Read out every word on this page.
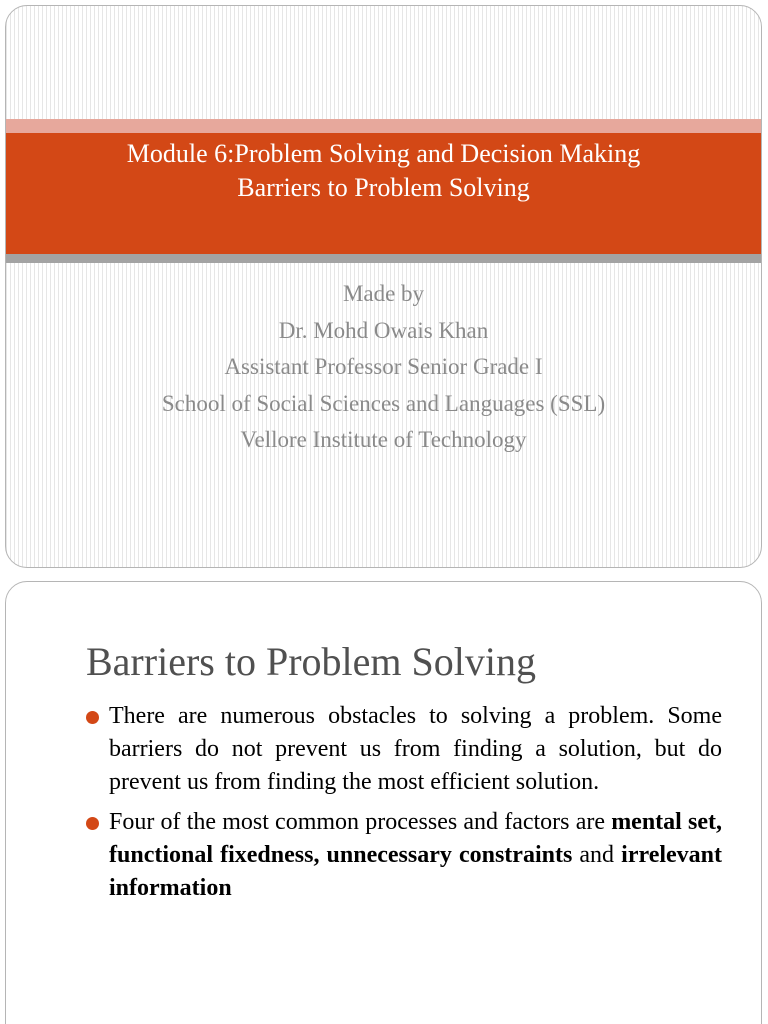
Module 6:Problem Solving and Decision Making
Barriers to Problem Solving
Made by
Dr. Mohd Owais Khan
Assistant Professor Senior Grade I
School of Social Sciences and Languages (SSL)
Vellore Institute of Technology
Barriers to Problem Solving
There are numerous obstacles to solving a problem. Some barriers do not prevent us from finding a solution, but do prevent us from finding the most efficient solution.
Four of the most common processes and factors are mental set, functional fixedness, unnecessary constraints and irrelevant information
